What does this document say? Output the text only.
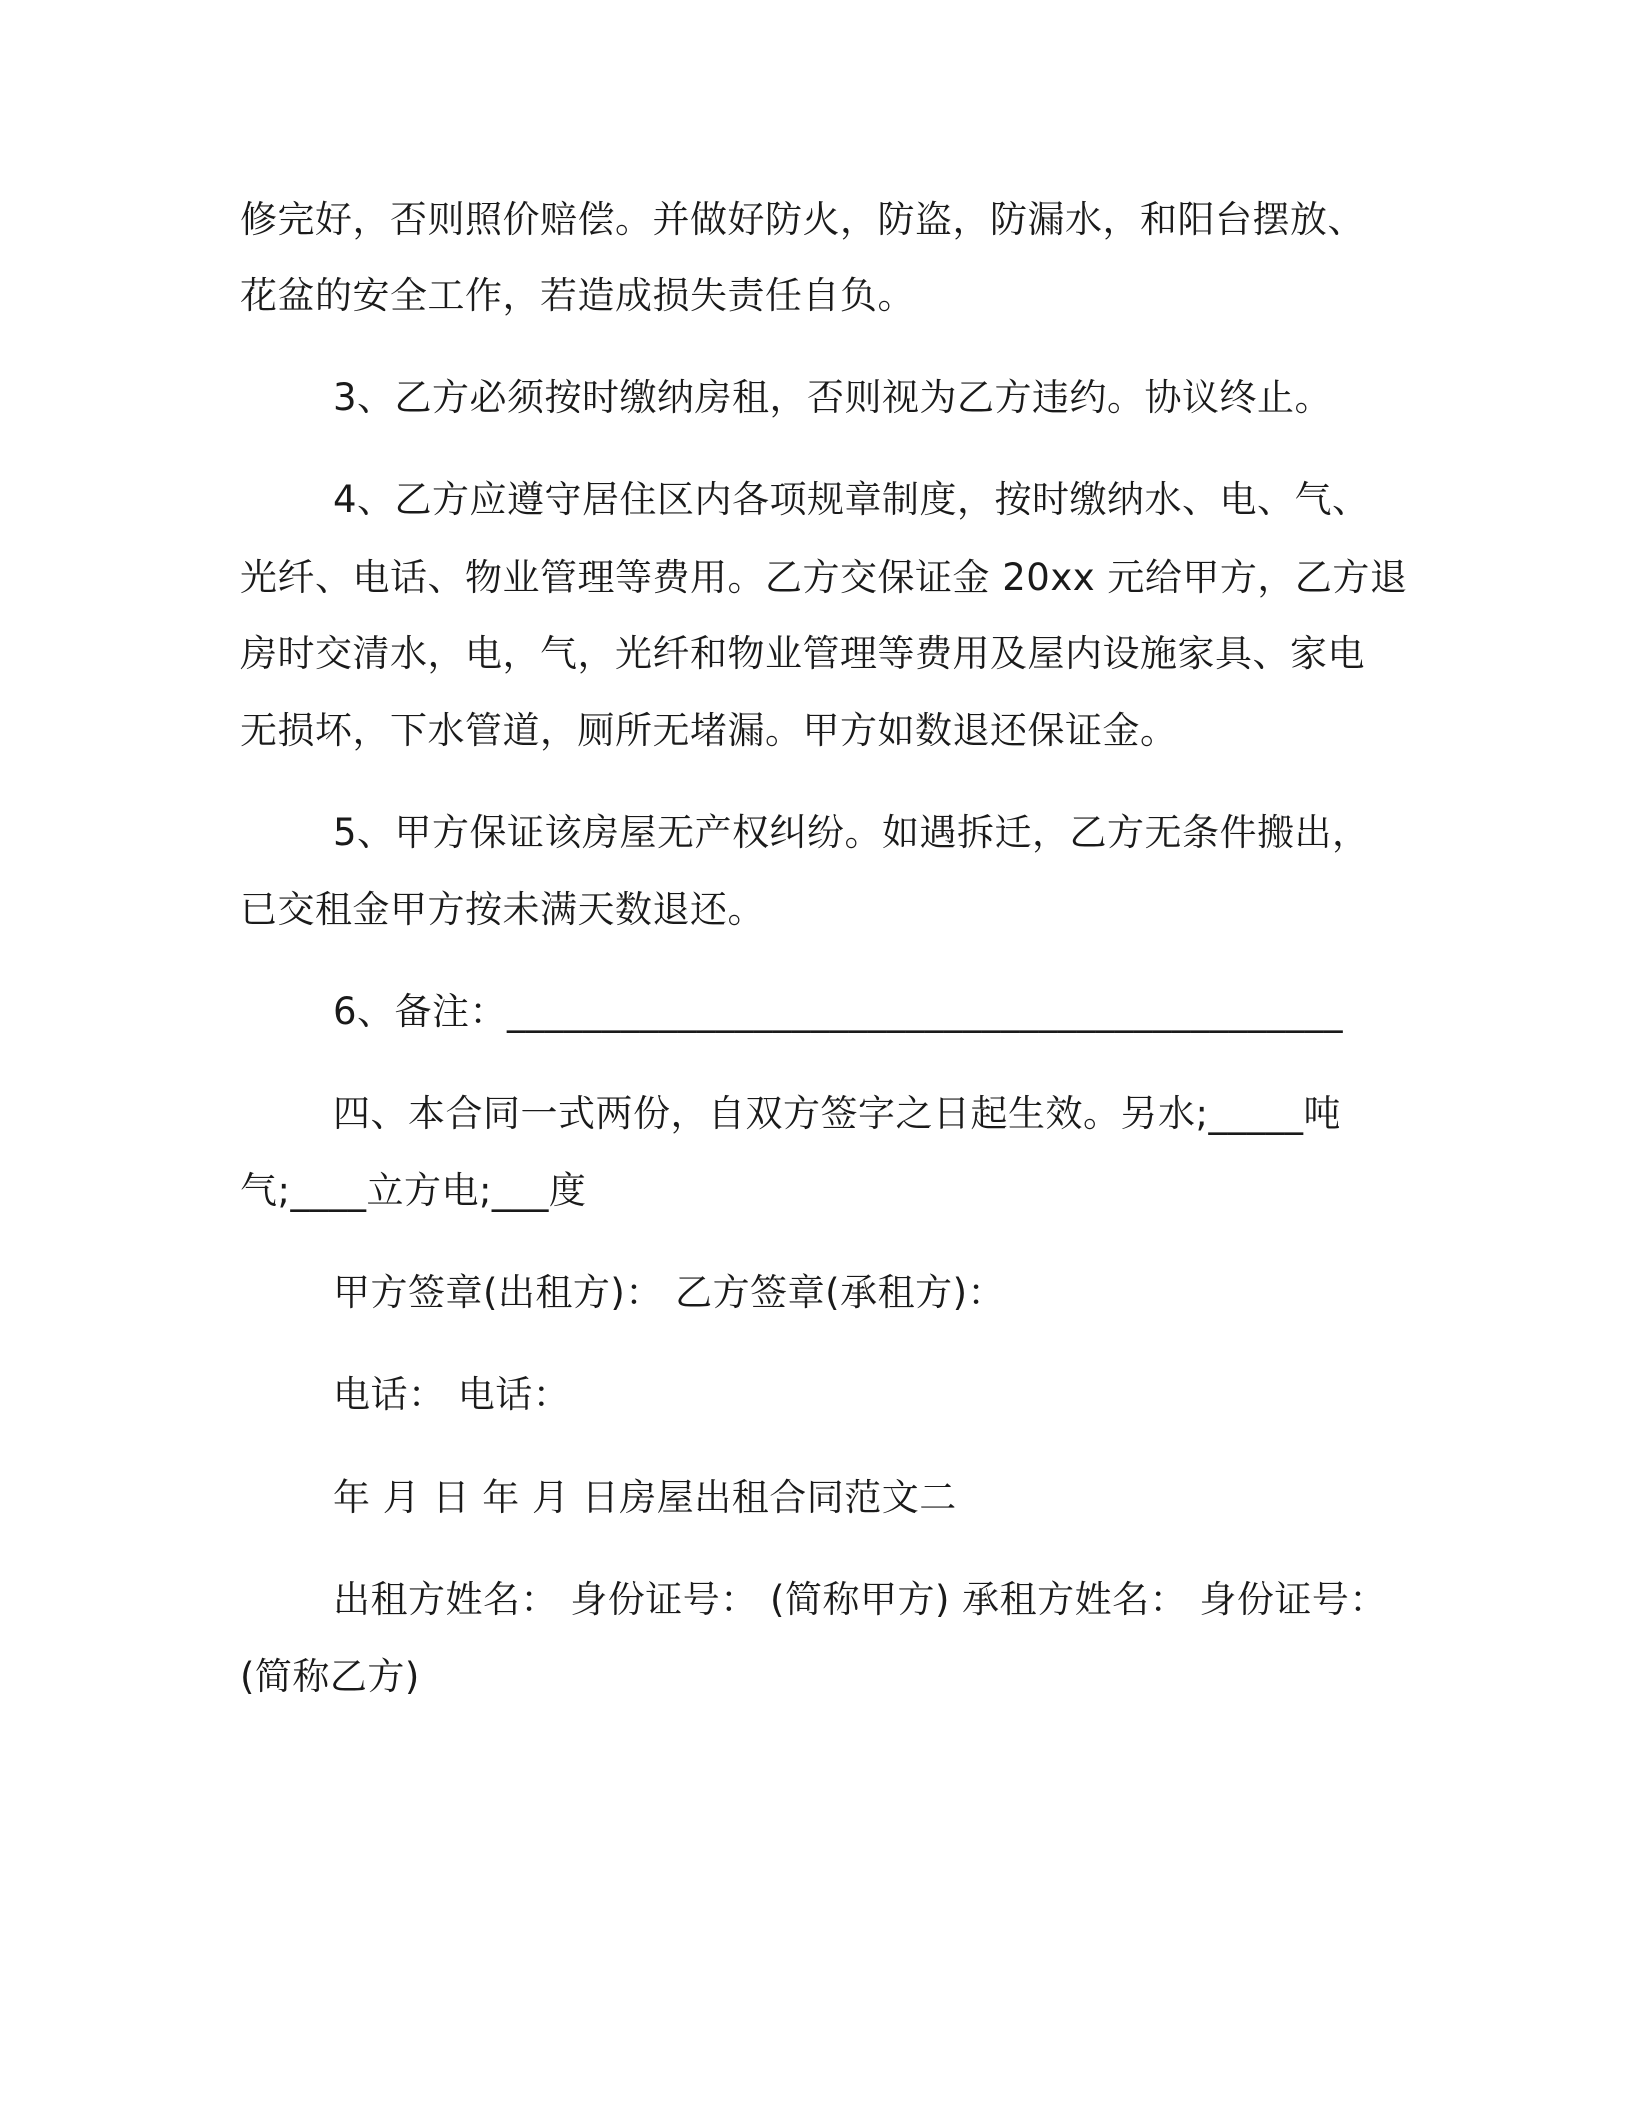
修完好，否则照价赔偿。并做好防火，防盗，防漏水，和阳台摆放、
花盆的安全工作，若造成损失责任自负。
3、乙方必须按时缴纳房租，否则视为乙方违约。协议终止。
4、乙方应遵守居住区内各项规章制度，按时缴纳水、电、气、
光纤、电话、物业管理等费用。乙方交保证金 20xx 元给甲方，乙方退
房时交清水，电，气，光纤和物业管理等费用及屋内设施家具、家电
无损坏，下水管道，厕所无堵漏。甲方如数退还保证金。
5、甲方保证该房屋无产权纠纷。如遇拆迁，乙方无条件搬出，
已交租金甲方按未满天数退还。
6、备注：____________________________________________
四、本合同一式两份，自双方签字之日起生效。另水;_____吨
气;____立方电;___度
甲方签章(出租方)： 乙方签章(承租方)：
电话： 电话：
年 月 日 年 月 日房屋出租合同范文二
出租方姓名： 身份证号： (简称甲方) 承租方姓名： 身份证号：
(简称乙方)
